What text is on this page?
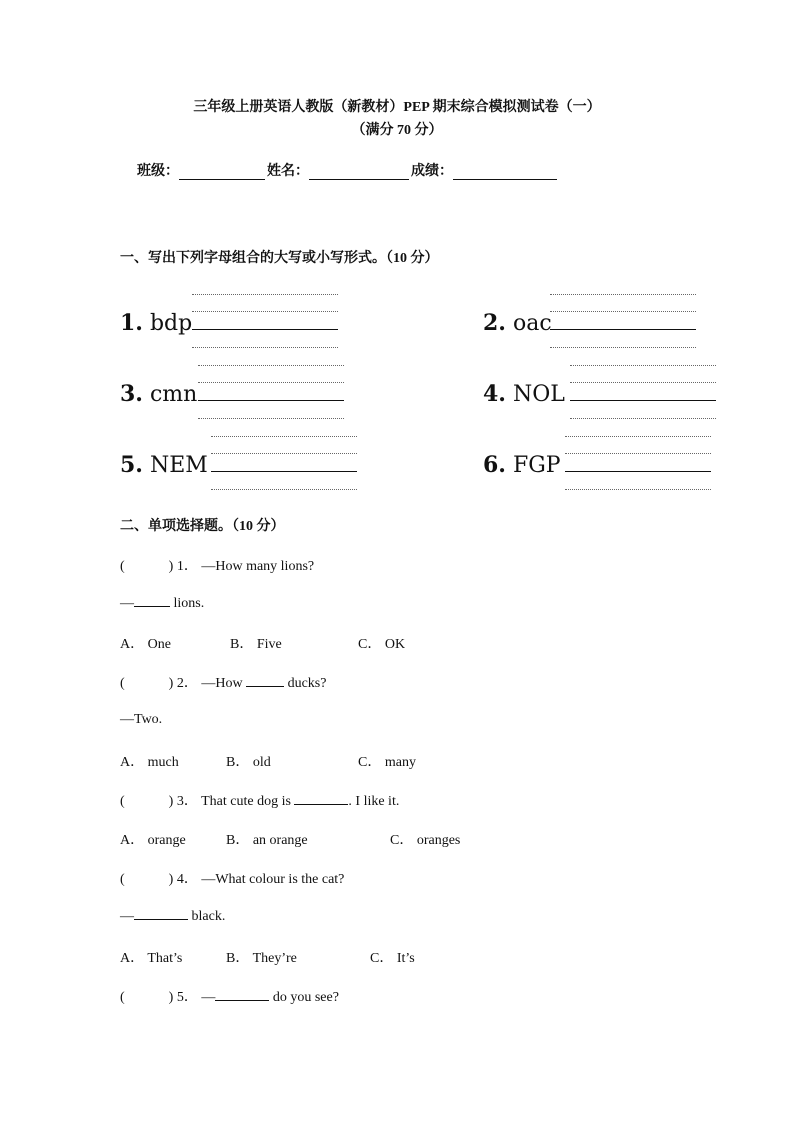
三年级上册英语人教版（新教材）PEP 期末综合模拟测试卷（一）
（满分 70 分）
班级：	姓名：	成绩：
一、写出下列字母组合的大写或小写形式。（10 分）
1. bdp	2. oac
3. cmn	4. NOL
5. NEM	6. FGP
二、单项选择题。（10 分）
(	) 1． —How many lions?
—	lions.
A． One	B． Five	C． OK
(	) 2． —How	ducks?
—Two.
A． much	B． old	C． many
(	) 3． That cute dog is	. I like it.
A． orange	B． an orange	C． oranges
(	) 4． —What colour is the cat?
—	black.
A． That’s	B． They’re	C． It’s
(	) 5． —	do you see?
